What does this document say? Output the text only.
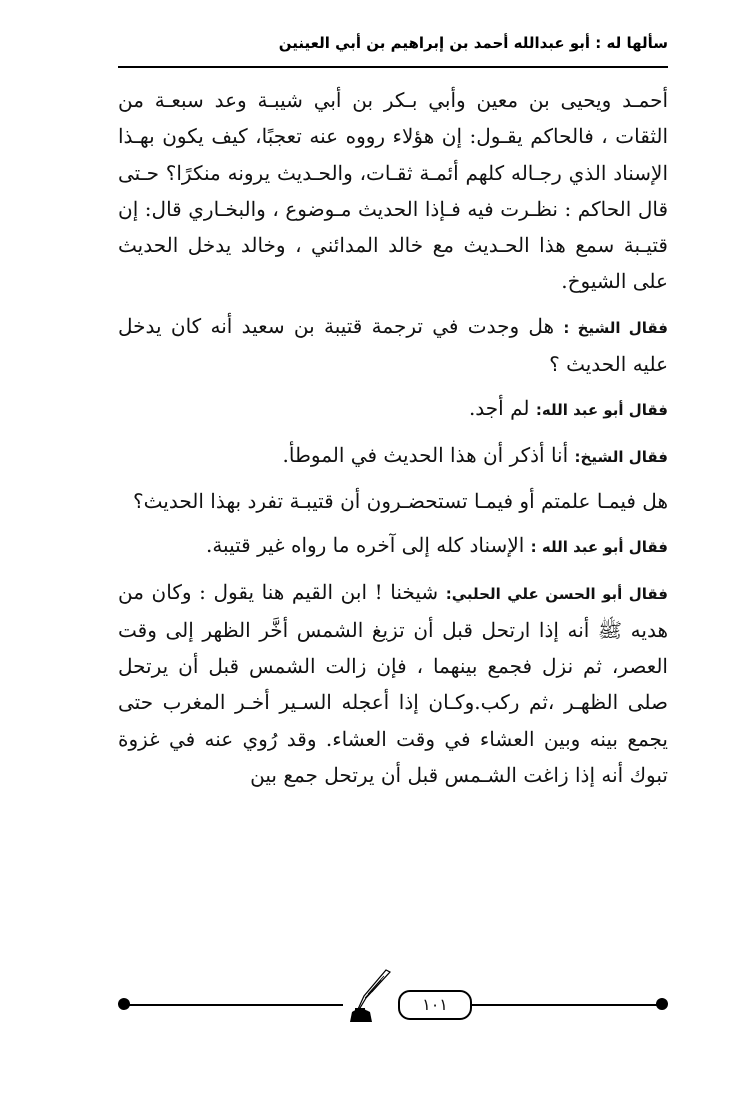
سألها له : أبو عبدالله أحمد بن إبراهيم بن أبي العينين

أحمـد ويحيى بن معين وأبي بـكر بن أبي شيبـة وعد سبعـة من الثقات ، فالحاكم يقـول: إن هؤلاء رووه عنه تعجبًا، كيف يكون بهـذا الإسناد الذي رجـاله كلهم أئمـة ثقـات، والحـديث يرونه منكرًا؟ حـتى قال الحاكم : نظـرت فيه فـإذا الحديث مـوضوع ، والبخـاري قال: إن قتيـبة سمع هذا الحـديث مع خالد المدائني ، وخالد يدخل الحديث على الشيوخ.

فقال الشيخ : هل وجدت في ترجمة قتيبة بن سعيد أنه كان يدخل عليه الحديث ؟

فقال أبو عبد الله: لم أجد.

فقال الشيخ: أنا أذكر أن هذا الحديث في الموطأ.

هل فيمـا علمتم أو فيمـا تستحضـرون أن قتيبـة تفرد بهذا الحديث؟

فقال أبو عبد الله : الإسناد كله إلى آخره ما رواه غير قتيبة.

فقال أبو الحسن علي الحلبي: شيخنا ! ابن القيم هنا يقول : وكان من هديه ﷺ أنه إذا ارتحل قبل أن تزيغ الشمس أخَّر الظهر إلى وقت العصر، ثم نزل فجمع بينهما ، فإن زالت الشمس قبل أن يرتحل صلى الظهـر ،ثم ركب.وكـان إذا أعجله السـير أخـر المغرب حتى يجمع بينه وبين العشاء في وقت العشاء. وقد رُوي عنه في غزوة تبوك أنه إذا زاغت الشـمس قبل أن يرتحل جمع بين

١٠١
